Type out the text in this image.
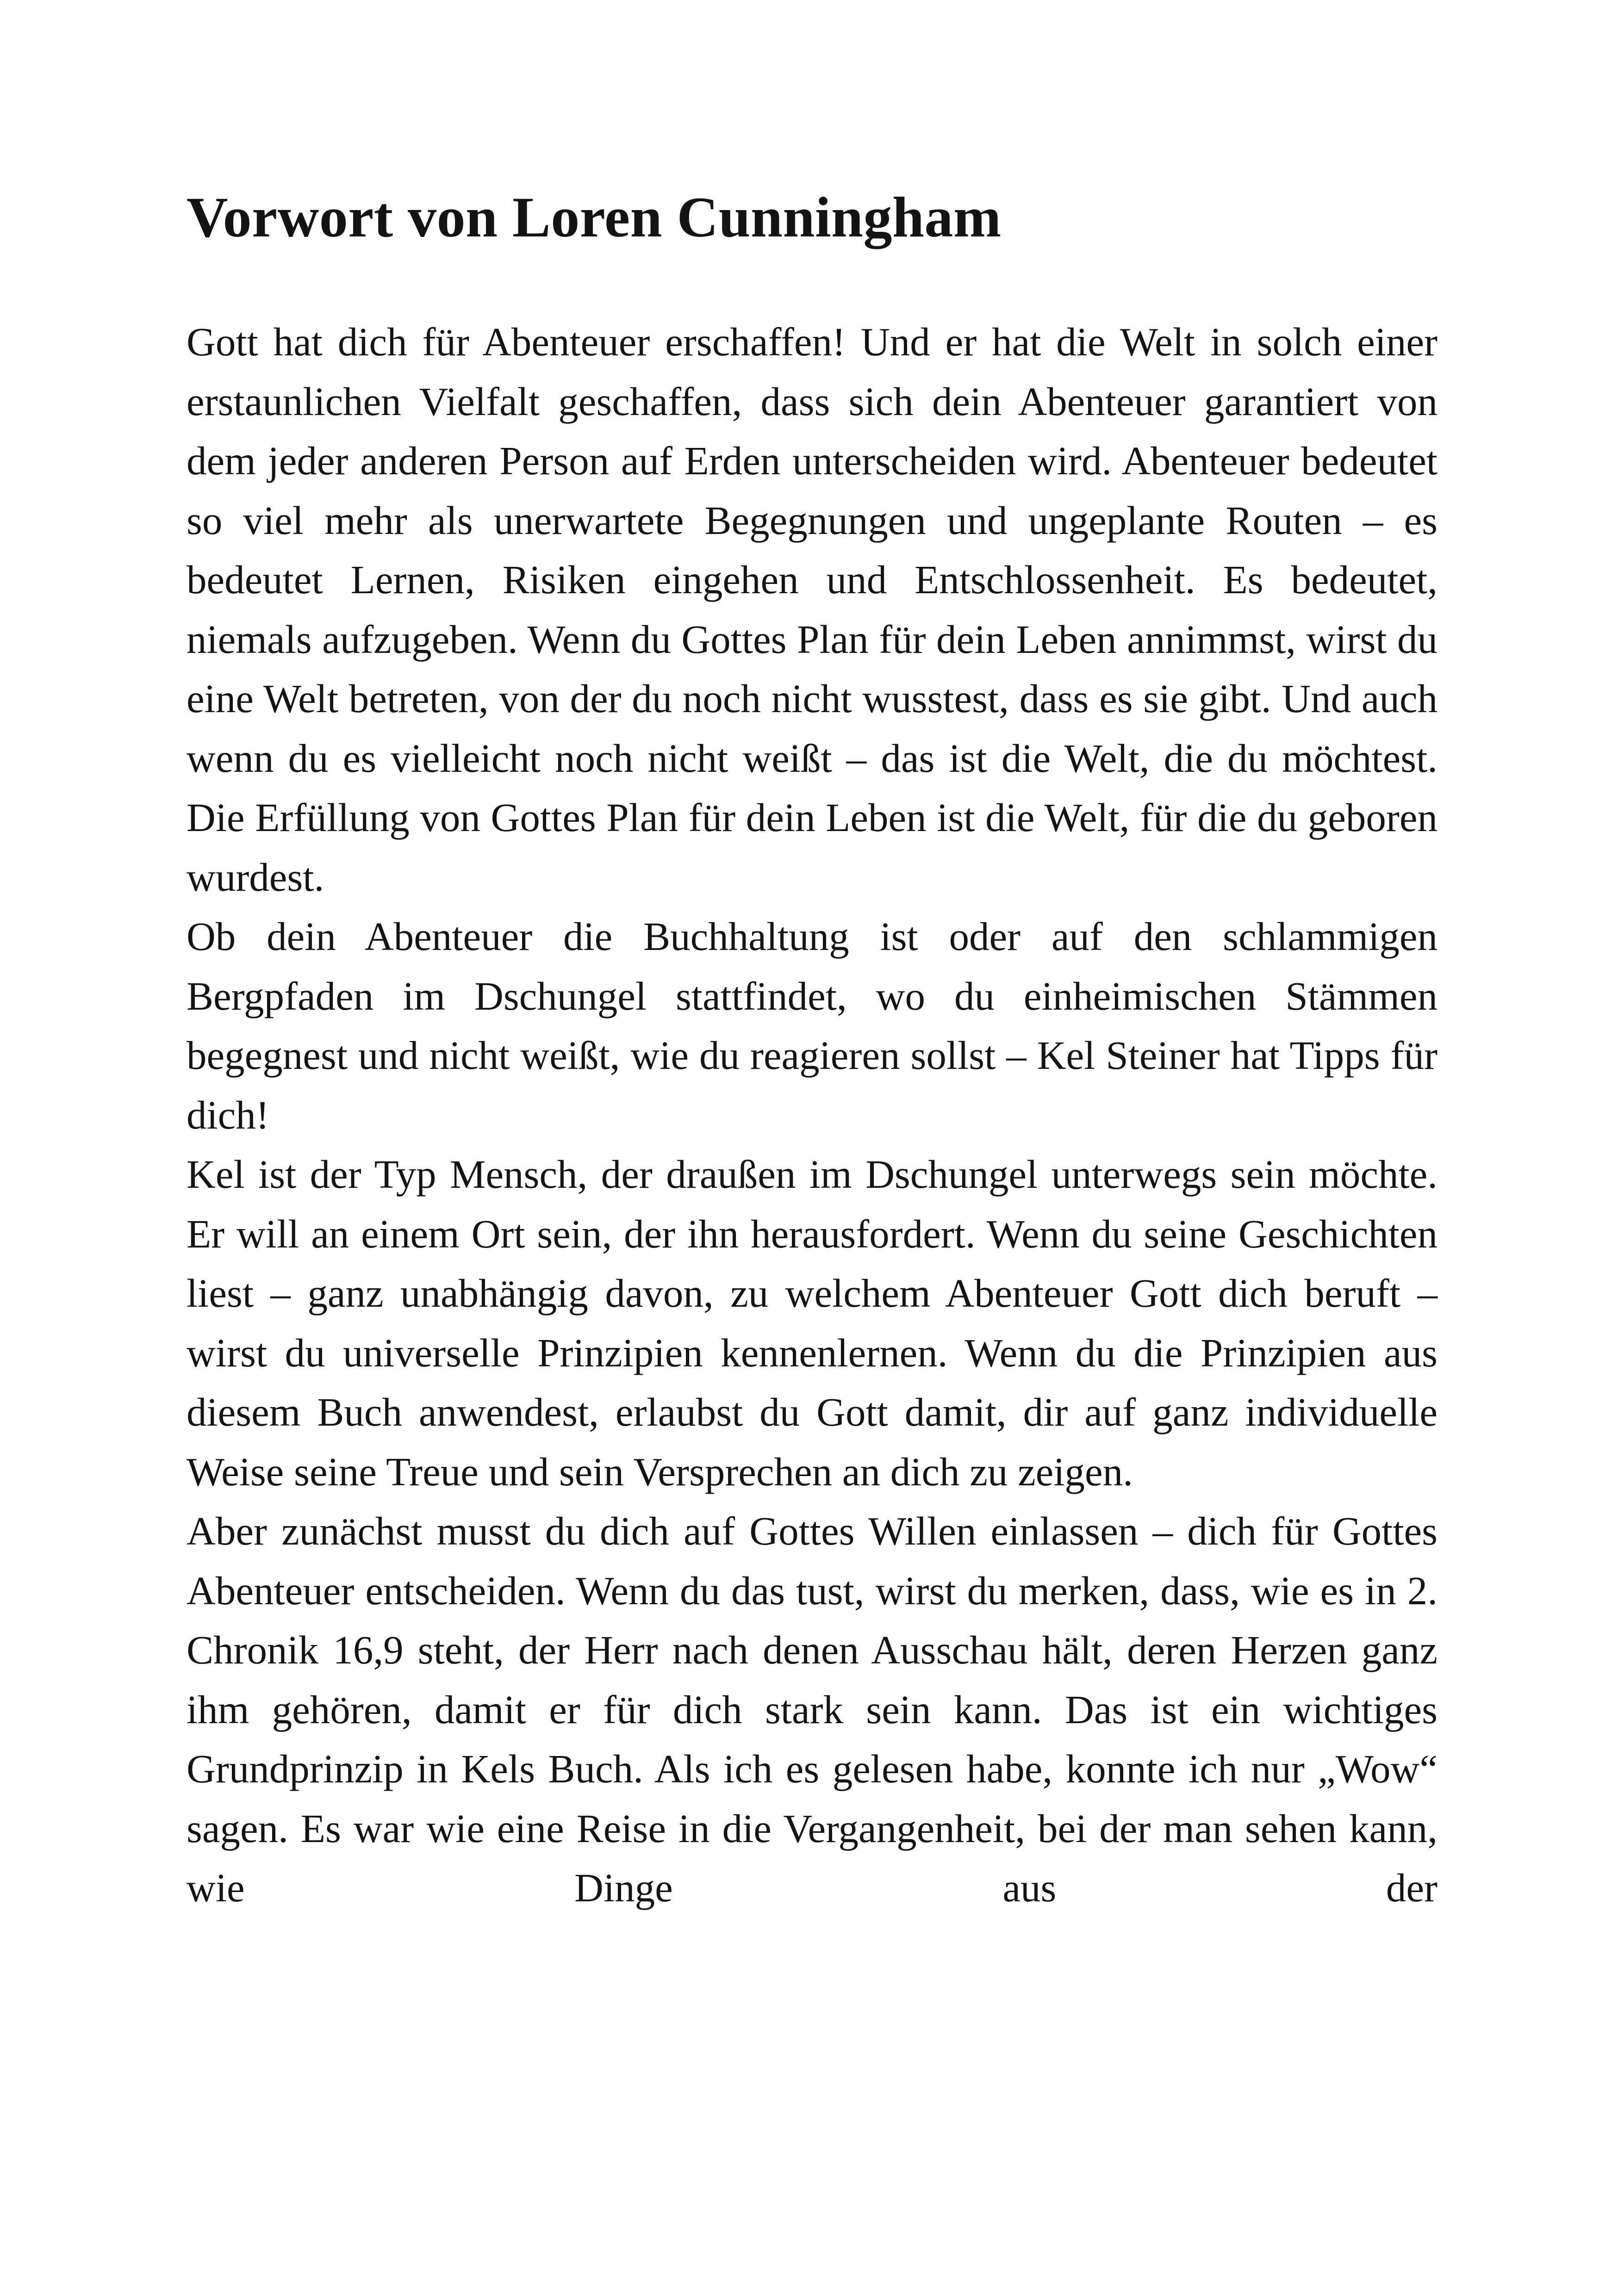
Vorwort von Loren Cunningham

Gott hat dich für Abenteuer erschaffen! Und er hat die Welt in solch einer erstaunlichen Vielfalt geschaffen, dass sich dein Abenteuer garantiert von dem jeder anderen Person auf Erden unterscheiden wird. Abenteuer bedeutet so viel mehr als unerwartete Begegnungen und ungeplante Routen – es bedeutet Lernen, Risiken eingehen und Entschlossenheit. Es bedeutet, niemals aufzugeben. Wenn du Gottes Plan für dein Leben annimmst, wirst du eine Welt betreten, von der du noch nicht wusstest, dass es sie gibt. Und auch wenn du es vielleicht noch nicht weißt – das ist die Welt, die du möchtest. Die Erfüllung von Gottes Plan für dein Leben ist die Welt, für die du geboren wurdest.

Ob dein Abenteuer die Buchhaltung ist oder auf den schlammigen Bergpfaden im Dschungel stattfindet, wo du einheimischen Stämmen begegnest und nicht weißt, wie du reagieren sollst – Kel Steiner hat Tipps für dich!

Kel ist der Typ Mensch, der draußen im Dschungel unterwegs sein möchte. Er will an einem Ort sein, der ihn herausfordert. Wenn du seine Geschichten liest – ganz unabhängig davon, zu welchem Abenteuer Gott dich beruft – wirst du universelle Prinzipien kennenlernen. Wenn du die Prinzipien aus diesem Buch anwendest, erlaubst du Gott damit, dir auf ganz individuelle Weise seine Treue und sein Versprechen an dich zu zeigen.

Aber zunächst musst du dich auf Gottes Willen einlassen – dich für Gottes Abenteuer entscheiden. Wenn du das tust, wirst du merken, dass, wie es in 2. Chronik 16,9 steht, der Herr nach denen Ausschau hält, deren Herzen ganz ihm gehören, damit er für dich stark sein kann. Das ist ein wichtiges Grundprinzip in Kels Buch. Als ich es gelesen habe, konnte ich nur „Wow“ sagen. Es war wie eine Reise in die Vergangenheit, bei der man sehen kann, wie Dinge aus der
